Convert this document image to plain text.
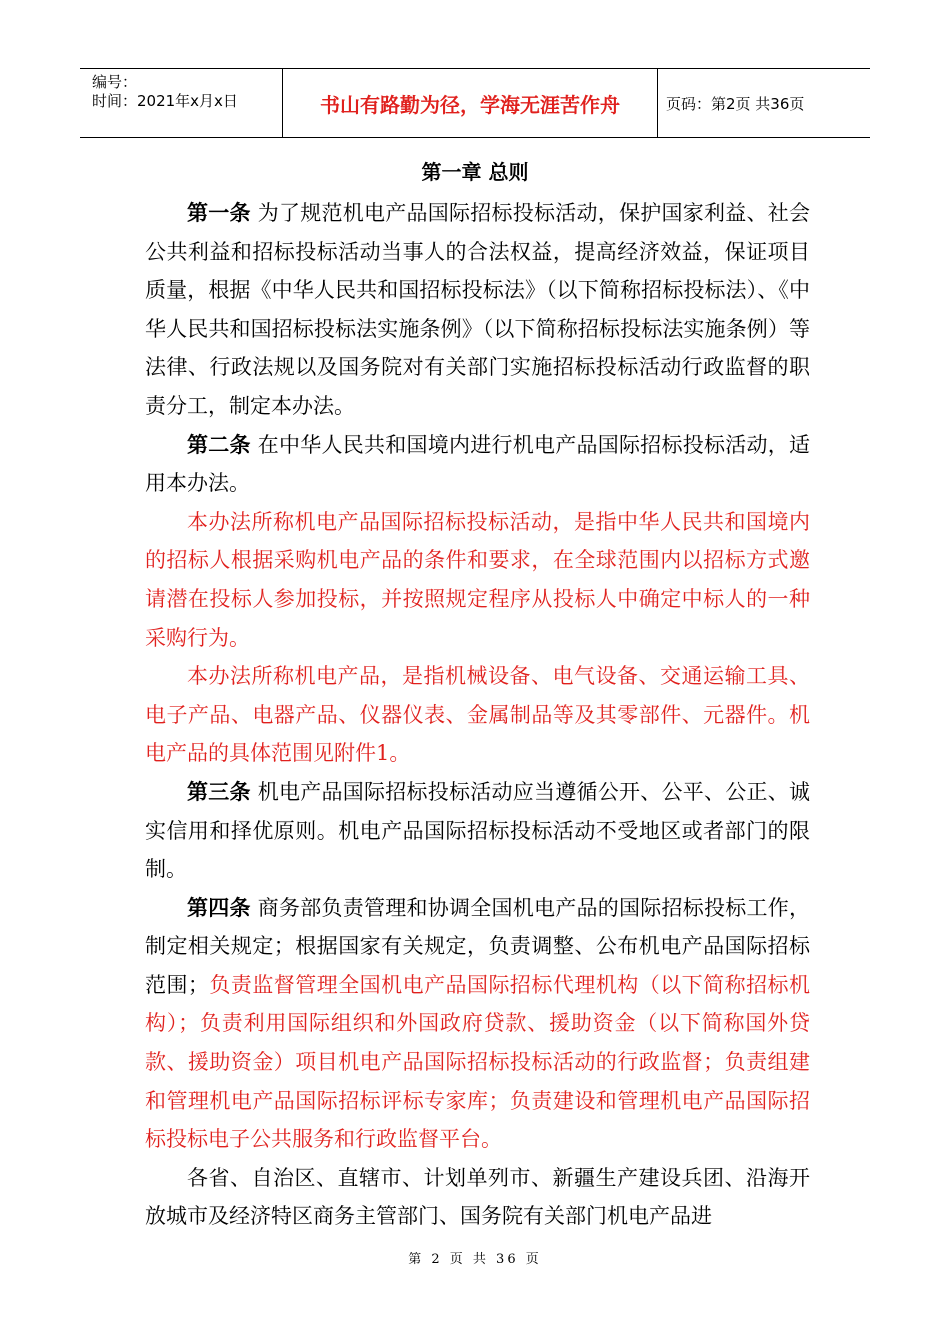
编号：
时间：2021年x月x日	书山有路勤为径，学海无涯苦作舟	页码：第2页 共36页
第一章 总则

第一条 为了规范机电产品国际招标投标活动，保护国家利益、社会公共利益和招标投标活动当事人的合法权益，提高经济效益，保证项目质量，根据《中华人民共和国招标投标法》（以下简称招标投标法）、《中华人民共和国招标投标法实施条例》（以下简称招标投标法实施条例）等法律、行政法规以及国务院对有关部门实施招标投标活动行政监督的职责分工，制定本办法。

第二条 在中华人民共和国境内进行机电产品国际招标投标活动，适用本办法。

本办法所称机电产品国际招标投标活动，是指中华人民共和国境内的招标人根据采购机电产品的条件和要求，在全球范围内以招标方式邀请潜在投标人参加投标，并按照规定程序从投标人中确定中标人的一种采购行为。

本办法所称机电产品，是指机械设备、电气设备、交通运输工具、电子产品、电器产品、仪器仪表、金属制品等及其零部件、元器件。机电产品的具体范围见附件1。

第三条 机电产品国际招标投标活动应当遵循公开、公平、公正、诚实信用和择优原则。机电产品国际招标投标活动不受地区或者部门的限制。

第四条 商务部负责管理和协调全国机电产品的国际招标投标工作，制定相关规定；根据国家有关规定，负责调整、公布机电产品国际招标范围；负责监督管理全国机电产品国际招标代理机构（以下简称招标机构）；负责利用国际组织和外国政府贷款、援助资金（以下简称国外贷款、援助资金）项目机电产品国际招标投标活动的行政监督；负责组建和管理机电产品国际招标评标专家库；负责建设和管理机电产品国际招标投标电子公共服务和行政监督平台。

各省、自治区、直辖市、计划单列市、新疆生产建设兵团、沿海开放城市及经济特区商务主管部门、国务院有关部门机电产品进

第 2 页 共 36 页
